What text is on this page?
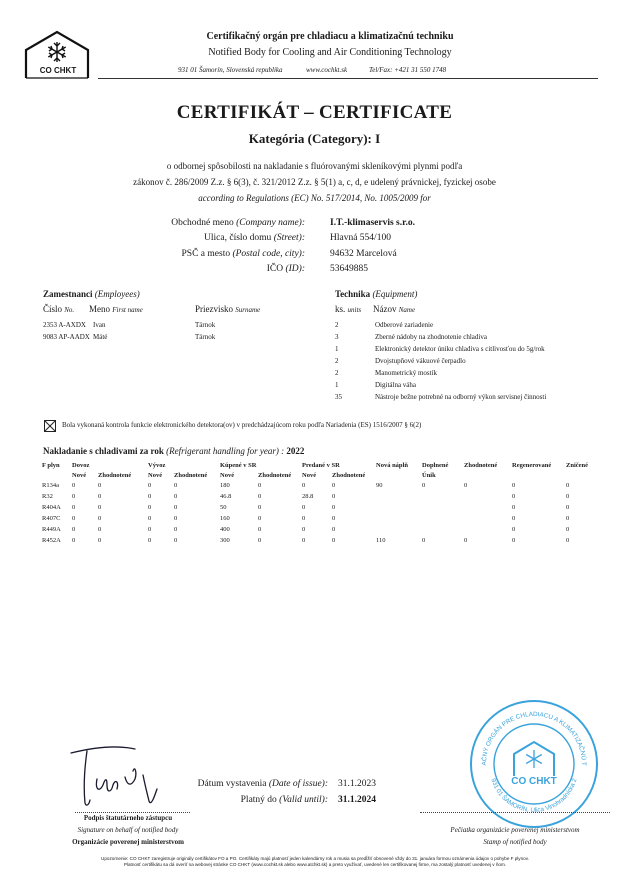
CO CHKT
Certifikačný orgán pre chladiacu a klimatizačnú techniku
Notified Body for Cooling and Air Conditioning Technology
931 01 Šamorín, Slovenská republika	www.cochkt.sk	Tel/Fax: +421 31 550 1748
CERTIFIKÁT – CERTIFICATE
Kategória (Category): I
o odbornej spôsobilosti na nakladanie s fluórovanými skleníkovými plynmi podľa
zákonov č. 286/2009 Z.z. § 6(3), č. 321/2012 Z.z. § 5(1) a, c, d, e udelený právnickej, fyzickej osobe
according to Regulations (EC) No. 517/2014, No. 1005/2009 for
Obchodné meno (Company name):	I.T.-klimaservis s.r.o.
Ulica, číslo domu (Street):	Hlavná 554/100
PSČ a mesto (Postal code, city):	94632 Marcelová
IČO (ID):	53649885
Zamestnanci (Employees)
Číslo No. Meno First name	Priezvisko Surname
2353 A-AXDX Ivan	Tárnok
9083 AP-AADX Máté	Tárnok
Technika (Equipment)
ks. units Názov Name
2	Odberové zariadenie
3	Zberné nádoby na zhodnotenie chladiva
1	Elektronický detektor úniku chladiva s citlivosťou do 5g/rok
2	Dvojstupňové vákuové čerpadlo
2	Manometrický mostík
1	Digitálna váha
35	Nástroje bežne potrebné na odborný výkon servisnej činnosti
Bola vykonaná kontrola funkcie elektronického detektora(ov) v predchádzajúcom roku podľa Nariadenia (ES) 1516/2007 § 6(2)
Nakladanie s chladivami za rok (Refrigerant handling for year) : 2022
F plyn	Dovoz		Vývoz		Kúpené v SR		Predané v SR		Nová náplň	Doplnené	Zhodnotené	Regenerované	Zničené
	Nové	Zhodnotené	Nové	Zhodnotené	Nové	Zhodnotené	Nové	Zhodnotené		Únik			
R134a	0	0	0	0	180	0	0	0	90	0	0	0	0
R32	0	0	0	0	46.8	0	28.8	0				0	0
R404A	0	0	0	0	50	0	0	0				0	0
R407C	0	0	0	0	160	0	0	0				0	0
R449A	0	0	0	0	400	0	0	0				0	0
R452A	0	0	0	0	300	0	0	0	110	0	0	0	0
Dátum vystavenia (Date of issue): 31.1.2023
Platný do (Valid until): 31.1.2024
Podpis štatutárneho zástupcu
Signature on behalf of notified body
Organizácie poverenej ministerstvom
AČNÝ ORGÁN PRE CHLADIACU A KLIMATIZAČNÚ T
931 01 ŠAMORÍN, Ulica Vinohradnícka 2
CO CHKT
Pečiatka organizácie poverenej ministerstvom
Stamp of notified body
Upozornenie: CO CHKT zaregistruje originály certifikátov FO a PO. Certifikáty majú platnosť jeden kalendárny rok a musia sa predĺžiť obnovené vždy do 31. januára formou oznámenia údajov o pohybe F plynov.
Platnosť certifikátu sa dá overiť na webovej stránke CO CHKT (www.cochkt.sk alebo www.atchkt.sk) a preto využívať, uvedené len certifikovanej firme, ma zostalý platnosť uvedenej v ňom.
